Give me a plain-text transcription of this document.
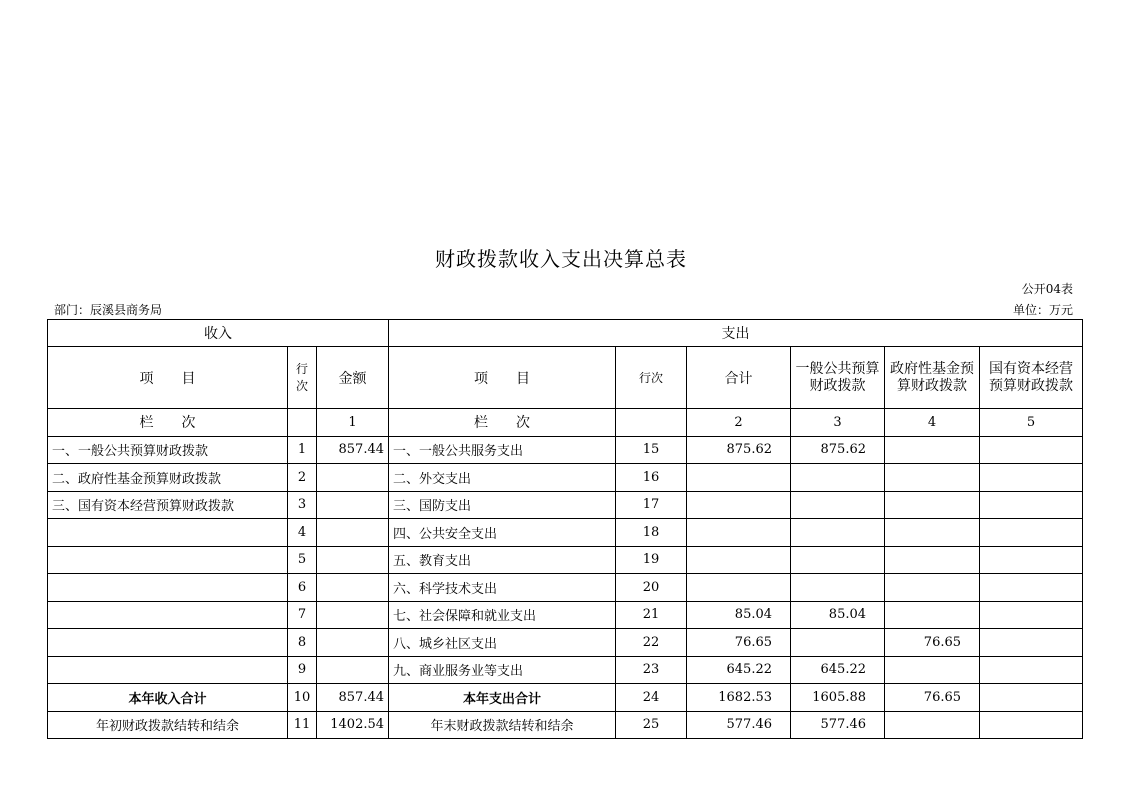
财政拨款收入支出决算总表
公开04表
部门：辰溪县商务局	单位：万元
收入			支出					
项　　目	行次	金额	项　　目	行次	合计	一般公共预算财政拨款	政府性基金预算财政拨款	国有资本经营预算财政拨款
栏　　次		1	栏　　次		2	3	4	5
一、一般公共预算财政拨款	1	857.44	一、一般公共服务支出	15	875.62	875.62		
二、政府性基金预算财政拨款	2		二、外交支出	16				
三、国有资本经营预算财政拨款	3		三、国防支出	17				
	4		四、公共安全支出	18				
	5		五、教育支出	19				
	6		六、科学技术支出	20				
	7		七、社会保障和就业支出	21	85.04	85.04		
	8		八、城乡社区支出	22	76.65		76.65	
	9		九、商业服务业等支出	23	645.22	645.22		
本年收入合计	10	857.44	本年支出合计	24	1682.53	1605.88	76.65	
年初财政拨款结转和结余	11	1402.54	年末财政拨款结转和结余	25	577.46	577.46		
